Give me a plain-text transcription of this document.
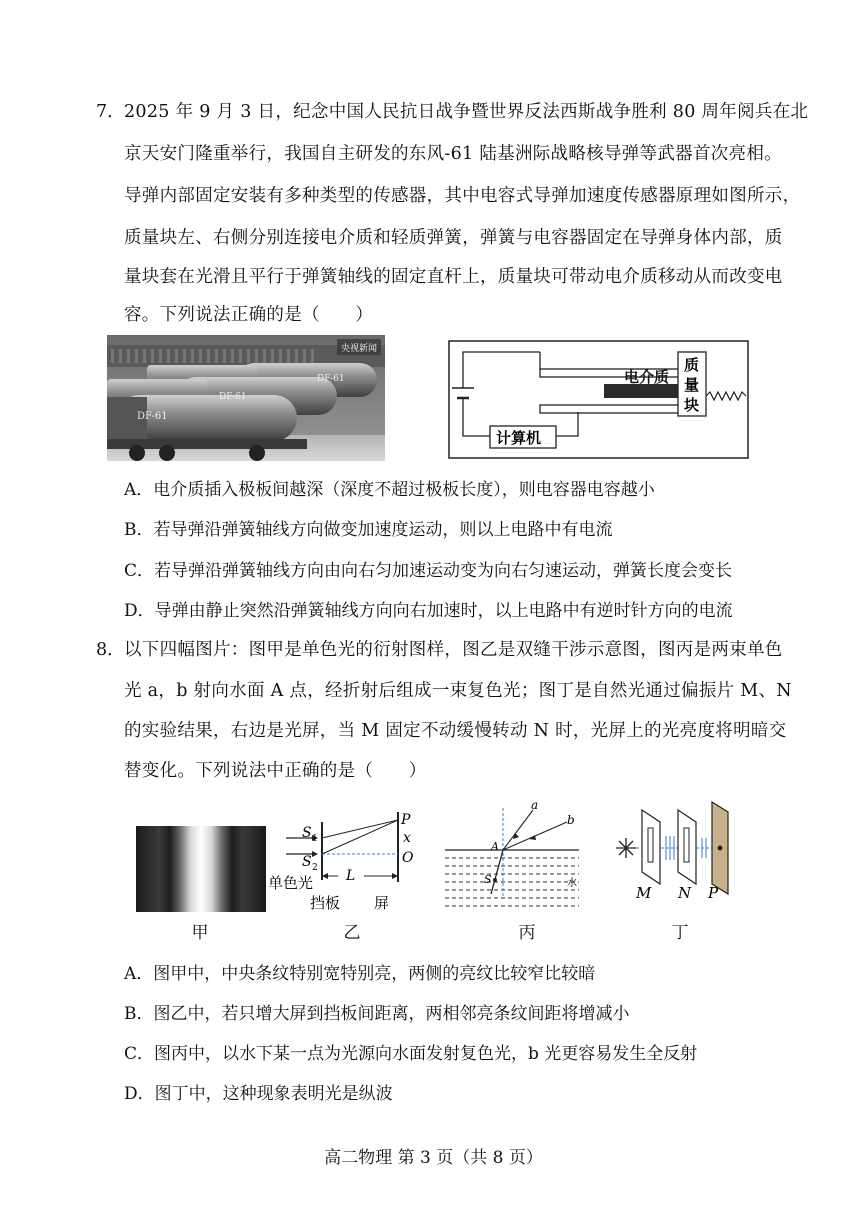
7． 2025 年 9 月 3 日，纪念中国人民抗日战争暨世界反法西斯战争胜利 80 周年阅兵在北
京天安门隆重举行，我国自主研发的东风-61 陆基洲际战略核导弹等武器首次亮相。
导弹内部固定安装有多种类型的传感器，其中电容式导弹加速度传感器原理如图所示，
质量块左、右侧分别连接电介质和轻质弹簧，弹簧与电容器固定在导弹身体内部，质
量块套在光滑且平行于弹簧轴线的固定直杆上，质量块可带动电介质移动从而改变电
容。下列说法正确的是（　　）
DF-61
DF-61
DF-61
央视新闻
电介质
质
量
块
计算机
A．电介质插入极板间越深（深度不超过极板长度），则电容器电容越小
B．若导弹沿弹簧轴线方向做变加速度运动，则以上电路中有电流
C．若导弹沿弹簧轴线方向由向右匀加速运动变为向右匀速运动，弹簧长度会变长
D．导弹由静止突然沿弹簧轴线方向向右加速时，以上电路中有逆时针方向的电流
8． 以下四幅图片：图甲是单色光的衍射图样，图乙是双缝干涉示意图，图丙是两束单色
光 a，b 射向水面 A 点，经折射后组成一束复色光；图丁是自然光通过偏振片 M、N
的实验结果，右边是光屏，当 M 固定不动缓慢转动 N 时，光屏上的光亮度将明暗交
替变化。下列说法中正确的是（　　）
甲
S 1
S 2
P
x
O
L
单色光
挡板 屏
乙
a
b
A
S	水
丙
M N P
丁
A．图甲中，中央条纹特别宽特别亮，两侧的亮纹比较窄比较暗
B．图乙中，若只增大屏到挡板间距离，两相邻亮条纹间距将增减小
C．图丙中，以水下某一点为光源向水面发射复色光，b 光更容易发生全反射
D．图丁中，这种现象表明光是纵波
高二物理 第 3 页（共 8 页）
